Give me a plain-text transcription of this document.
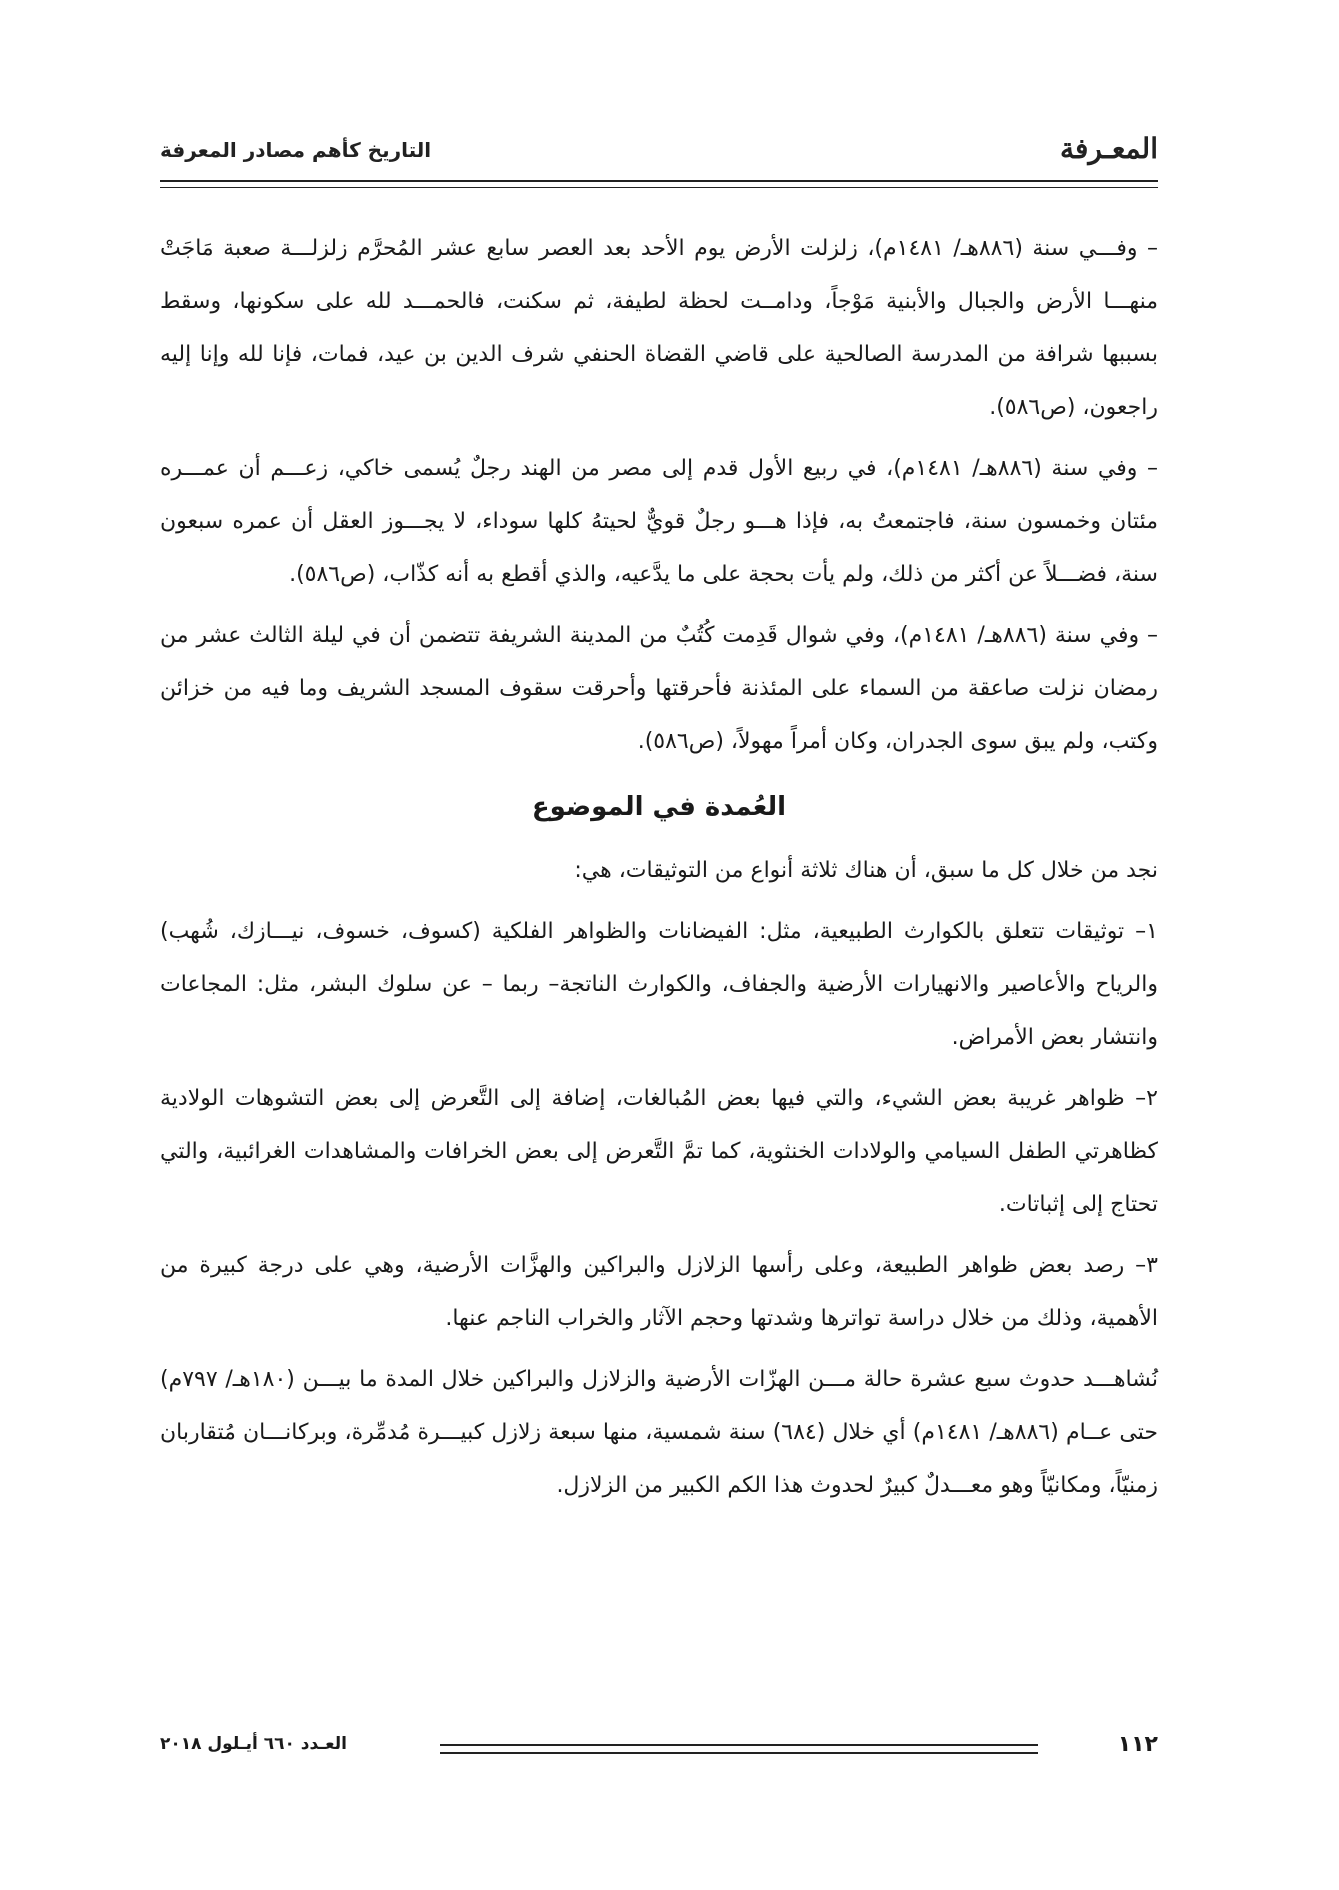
المعـرفة
التاريخ كأهم مصادر المعرفة

– وفـــي سنة (٨٨٦هـ/ ١٤٨١م)، زلزلت الأرض يوم الأحد بعد العصر سابع عشر المُحرَّم زلزلـــة صعبة مَاجَتْ منهـــا الأرض والجبال والأبنية مَوْجاً، ودامــت لحظة لطيفة، ثم سكنت، فالحمـــد لله على سكونها، وسقط بسببها شرافة من المدرسة الصالحية على قاضي القضاة الحنفي شرف الدين بن عيد، فمات، فإنا لله وإنا إليه راجعون، (ص٥٨٦).

– وفي سنة (٨٨٦هـ/ ١٤٨١م)، في ربيع الأول قدم إلى مصر من الهند رجلٌ يُسمى خاكي، زعـــم أن عمـــره مئتان وخمسون سنة، فاجتمعتُ به، فإذا هـــو رجلٌ قويٌّ لحيتهُ كلها سوداء، لا يجـــوز العقل أن عمره سبعون سنة، فضـــلاً عن أكثر من ذلك، ولم يأت بحجة على ما يدَّعيه، والذي أقطع به أنه كذّاب، (ص٥٨٦).

– وفي سنة (٨٨٦هـ/ ١٤٨١م)، وفي شوال قَدِمت كُتُبٌ من المدينة الشريفة تتضمن أن في ليلة الثالث عشر من رمضان نزلت صاعقة من السماء على المئذنة فأحرقتها وأحرقت سقوف المسجد الشريف وما فيه من خزائن وكتب، ولم يبق سوى الجدران، وكان أمراً مهولاً، (ص٥٨٦).

العُمدة في الموضوع

نجد من خلال كل ما سبق، أن هناك ثلاثة أنواع من التوثيقات، هي:

١– توثيقات تتعلق بالكوارث الطبيعية، مثل: الفيضانات والظواهر الفلكية (كسوف، خسوف، نيـــازك، شُهب) والرياح والأعاصير والانهيارات الأرضية والجفاف، والكوارث الناتجة– ربما – عن سلوك البشر، مثل: المجاعات وانتشار بعض الأمراض.

٢– ظواهر غريبة بعض الشيء، والتي فيها بعض المُبالغات، إضافة إلى التَّعرض إلى بعض التشوهات الولادية كظاهرتي الطفل السيامي والولادات الخنثوية، كما تمَّ التَّعرض إلى بعض الخرافات والمشاهدات الغرائبية، والتي تحتاج إلى إثباتات.

٣– رصد بعض ظواهر الطبيعة، وعلى رأسها الزلازل والبراكين والهزَّات الأرضية، وهي على درجة كبيرة من الأهمية، وذلك من خلال دراسة تواترها وشدتها وحجم الآثار والخراب الناجم عنها.

نُشاهـــد حدوث سبع عشرة حالة مـــن الهزّات الأرضية والزلازل والبراكين خلال المدة ما بيـــن (١٨٠هـ/ ٧٩٧م) حتى عــام (٨٨٦هـ/ ١٤٨١م) أي خلال (٦٨٤) سنة شمسية، منها سبعة زلازل كبيـــرة مُدمِّرة، وبركانـــان مُتقاربان زمنيّاً، ومكانيّاً وهو معـــدلٌ كبيرٌ لحدوث هذا الكم الكبير من الزلازل.

١١٢
العـدد ٦٦٠ أيـلول ٢٠١٨
